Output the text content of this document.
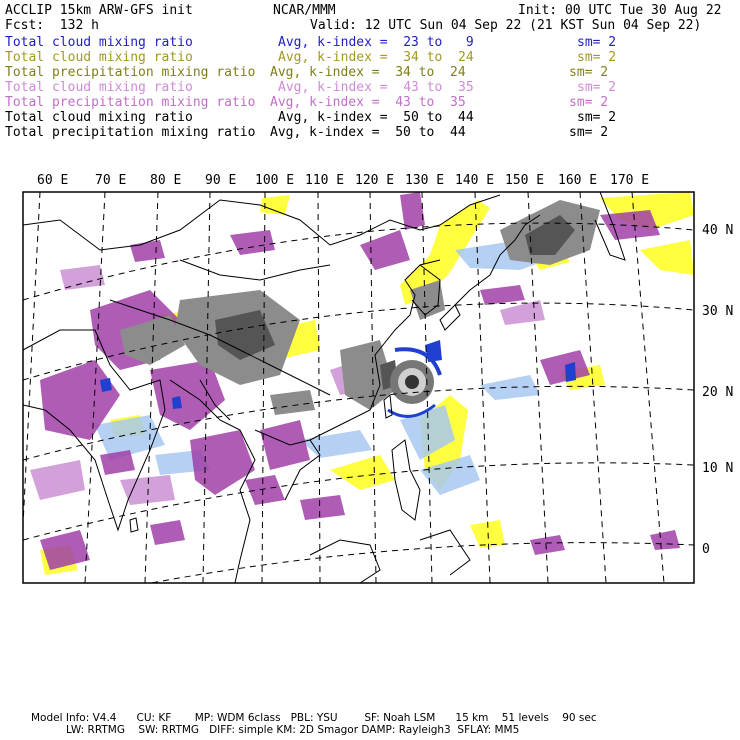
ACCLIP 15km ARW-GFS init	NCAR/MMM	Init: 00 UTC Tue 30 Aug 22
Fcst:  132 h	Valid: 12 UTC Sun 04 Sep 22 (21 KST Sun 04 Sep 22)
Total cloud mixing ratio	Avg, k-index =  23 to   9	sm= 2
Total cloud mixing ratio	Avg, k-index =  34 to  24	sm= 2
Total precipitation mixing ratio Avg, k-index =  34 to  24	sm= 2
Total cloud mixing ratio	Avg, k-index =  43 to  35	sm= 2
Total precipitation mixing ratio Avg, k-index =  43 to  35	sm= 2
Total cloud mixing ratio	Avg, k-index =  50 to  44	sm= 2
Total precipitation mixing ratio Avg, k-index =  50 to  44	sm= 2
60 E 70 E 80 E 90 E 100 E 110 E 120 E 130 E 140 E 150 E 160 E 170 E
40 N
30 N
20 N
10 N
0
Model Info: V4.4      CU: KF       MP: WDM 6class   PBL: YSU        SF: Noah LSM      15 km    51 levels    90 sec
LW: RRTMG    SW: RRTMG   DIFF: simple KM: 2D Smagor DAMP: Rayleigh3  SFLAY: MM5
